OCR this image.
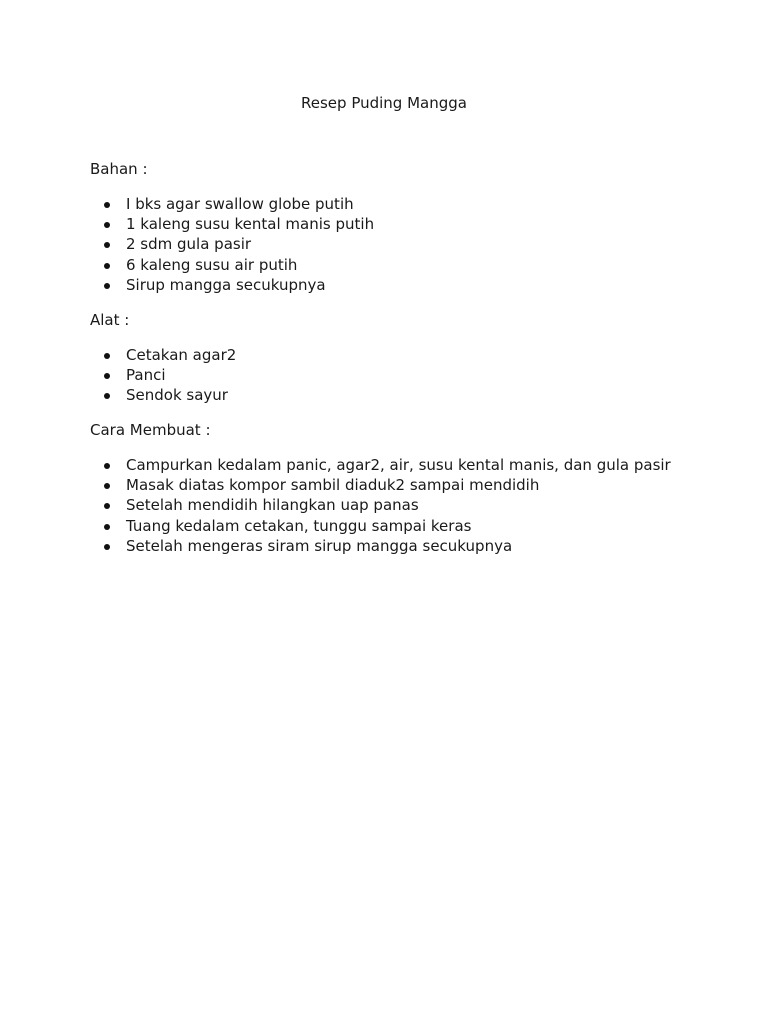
Resep Puding Mangga
Bahan :
I bks agar swallow globe putih
1 kaleng susu kental manis putih
2 sdm gula pasir
6 kaleng susu air putih
Sirup mangga secukupnya
Alat :
Cetakan agar2
Panci
Sendok sayur
Cara Membuat :
Campurkan kedalam panic, agar2, air, susu kental manis, dan gula pasir
Masak diatas kompor sambil diaduk2 sampai mendidih
Setelah mendidih hilangkan uap panas
Tuang kedalam cetakan, tunggu sampai keras
Setelah mengeras siram sirup mangga secukupnya
